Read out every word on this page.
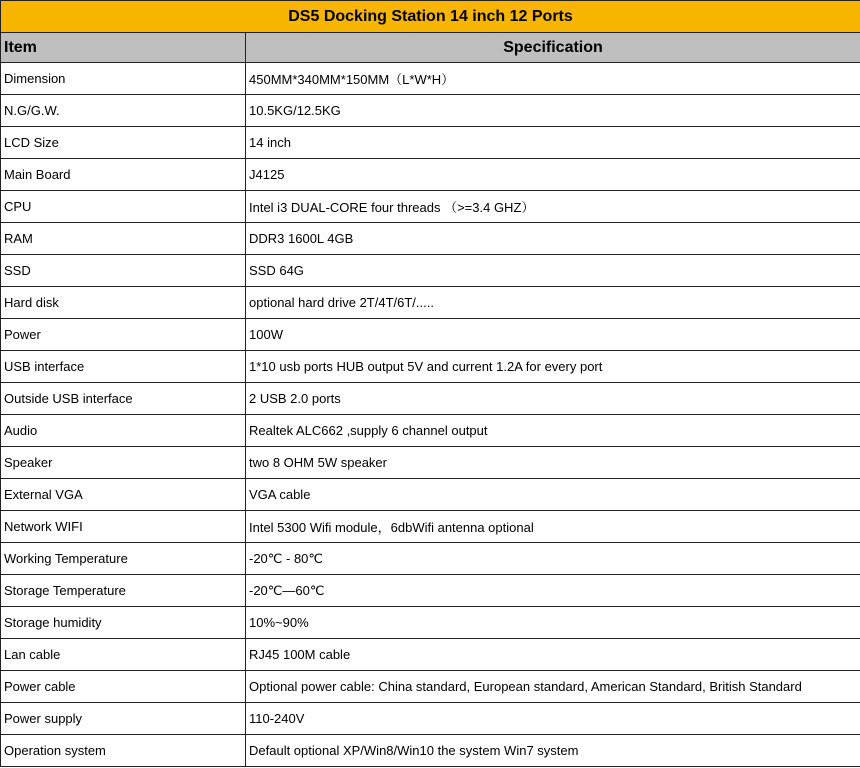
DS5 Docking Station 14 inch 12 Ports	
Item	Specification
Dimension	450MM*340MM*150MM（L*W*H）
N.G/G.W.	10.5KG/12.5KG
LCD Size	14 inch
Main Board	J4125
CPU	Intel i3 DUAL-CORE four threads （>=3.4 GHZ）
RAM	DDR3 1600L 4GB
SSD	SSD 64G
Hard disk	optional hard drive 2T/4T/6T/.....
Power	100W
USB interface	1*10 usb ports HUB output 5V and current 1.2A for every port
Outside USB interface	2 USB 2.0 ports
Audio	Realtek ALC662 ,supply 6 channel output
Speaker	two 8 OHM 5W speaker
External VGA	VGA cable
Network WIFI	Intel 5300 Wifi module，6dbWifi antenna optional
Working Temperature	-20℃ - 80℃
Storage Temperature	-20℃—60℃
Storage humidity	10%~90%
Lan cable	RJ45 100M cable
Power cable	Optional power cable: China standard, European standard, American Standard, British Standard
Power supply	110-240V
Operation system	Default optional XP/Win8/Win10 the system Win7 system
